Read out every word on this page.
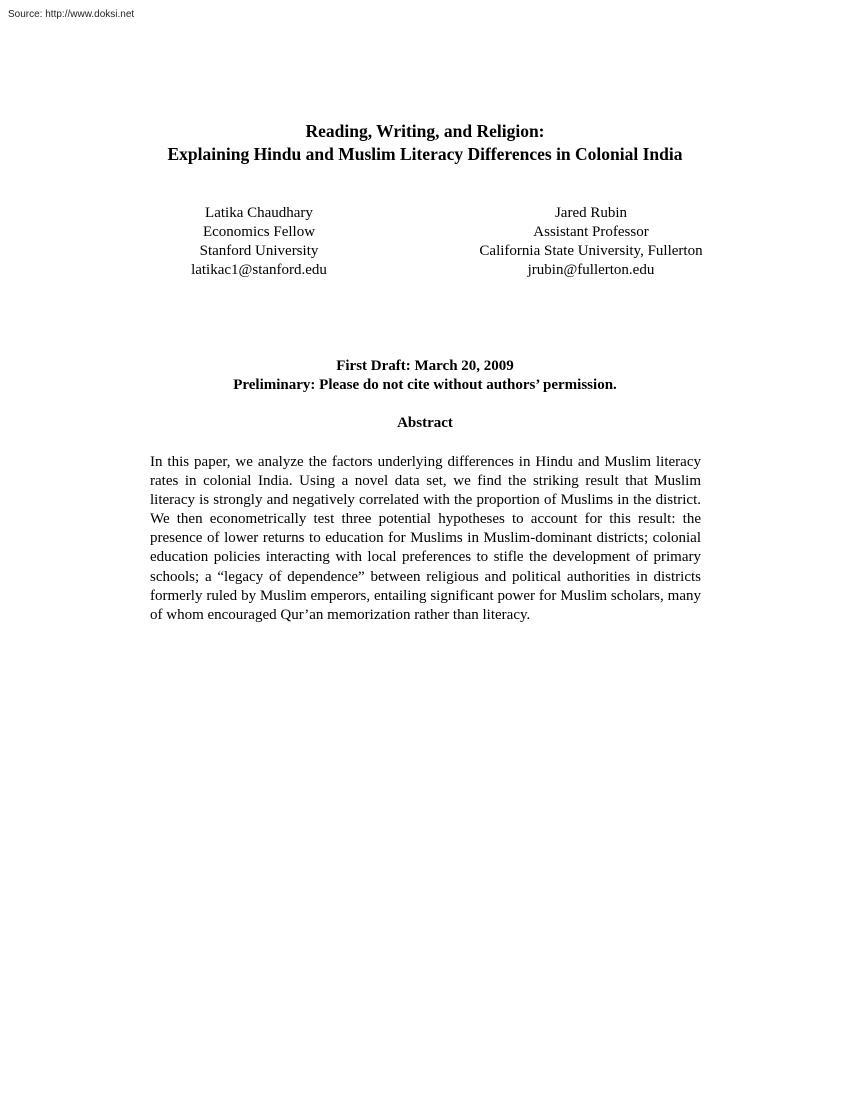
Source: http://www.doksi.net
Reading, Writing, and Religion:
Explaining Hindu and Muslim Literacy Differences in Colonial India
Latika Chaudhary
Economics Fellow
Stanford University
latikac1@stanford.edu
Jared Rubin
Assistant Professor
California State University, Fullerton
jrubin@fullerton.edu
First Draft: March 20, 2009
Preliminary: Please do not cite without authors’ permission.
Abstract

In this paper, we analyze the factors underlying differences in Hindu and Muslim literacy rates in colonial India. Using a novel data set, we find the striking result that Muslim literacy is strongly and negatively correlated with the proportion of Muslims in the district. We then econometrically test three potential hypotheses to account for this result: the presence of lower returns to education for Muslims in Muslim-dominant districts; colonial education policies interacting with local preferences to stifle the development of primary schools; a “legacy of dependence” between religious and political authorities in districts formerly ruled by Muslim emperors, entailing significant power for Muslim scholars, many of whom encouraged Qur’an memorization rather than literacy.
